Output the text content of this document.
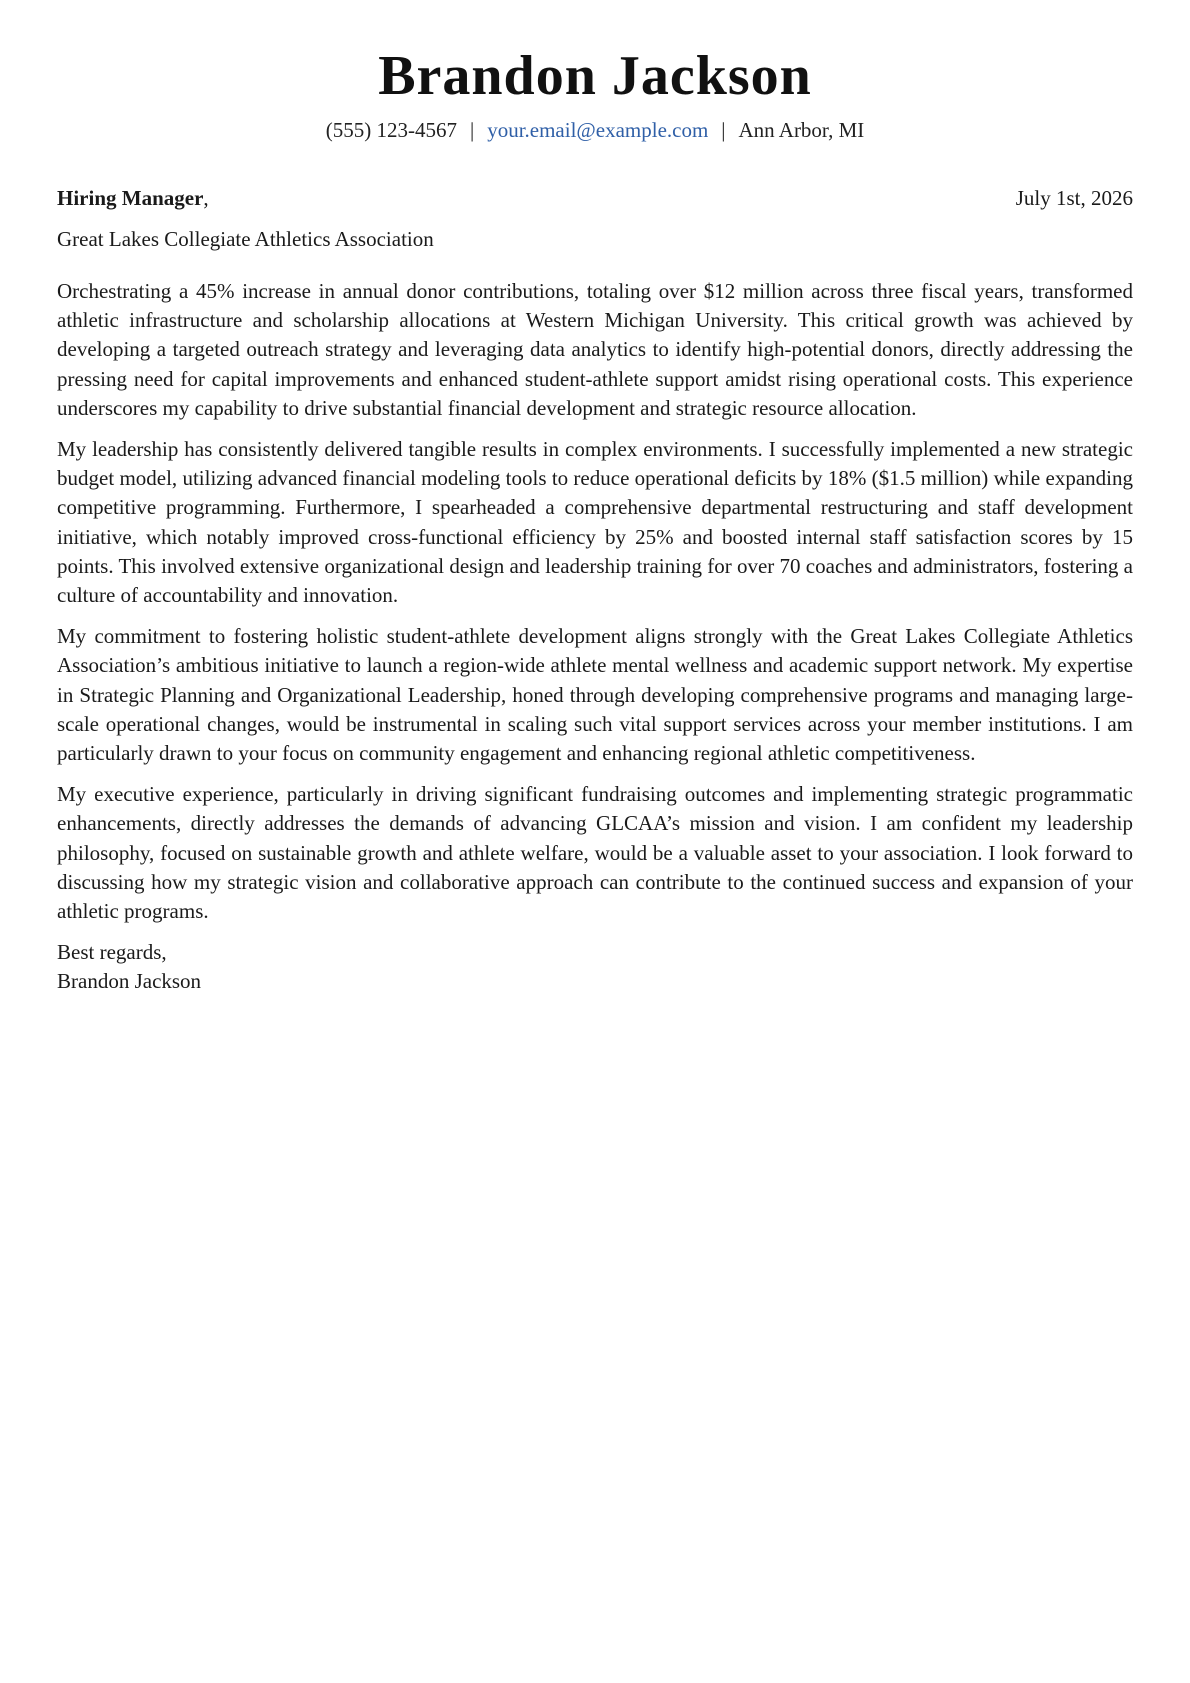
Brandon Jackson
(555) 123-4567 | your.email@example.com | Ann Arbor, MI
Hiring Manager,	July 1st, 2026
Great Lakes Collegiate Athletics Association

Orchestrating a 45% increase in annual donor contributions, totaling over $12 million across three fiscal years, transformed athletic infrastructure and scholarship allocations at Western Michigan University. This critical growth was achieved by developing a targeted outreach strategy and leveraging data analytics to identify high-potential donors, directly addressing the pressing need for capital improvements and enhanced student-athlete support amidst rising operational costs. This experience underscores my capability to drive substantial financial development and strategic resource allocation.

My leadership has consistently delivered tangible results in complex environments. I successfully implemented a new strategic budget model, utilizing advanced financial modeling tools to reduce operational deficits by 18% ($1.5 million) while expanding competitive programming. Furthermore, I spearheaded a comprehensive departmental restructuring and staff development initiative, which notably improved cross-functional efficiency by 25% and boosted internal staff satisfaction scores by 15 points. This involved extensive organizational design and leadership training for over 70 coaches and administrators, fostering a culture of accountability and innovation.

My commitment to fostering holistic student-athlete development aligns strongly with the Great Lakes Collegiate Athletics Association’s ambitious initiative to launch a region-wide athlete mental wellness and academic support network. My expertise in Strategic Planning and Organizational Leadership, honed through developing comprehensive programs and managing large-scale operational changes, would be instrumental in scaling such vital support services across your member institutions. I am particularly drawn to your focus on community engagement and enhancing regional athletic competitiveness.

My executive experience, particularly in driving significant fundraising outcomes and implementing strategic programmatic enhancements, directly addresses the demands of advancing GLCAA’s mission and vision. I am confident my leadership philosophy, focused on sustainable growth and athlete welfare, would be a valuable asset to your association. I look forward to discussing how my strategic vision and collaborative approach can contribute to the continued success and expansion of your athletic programs.

Best regards,
Brandon Jackson
